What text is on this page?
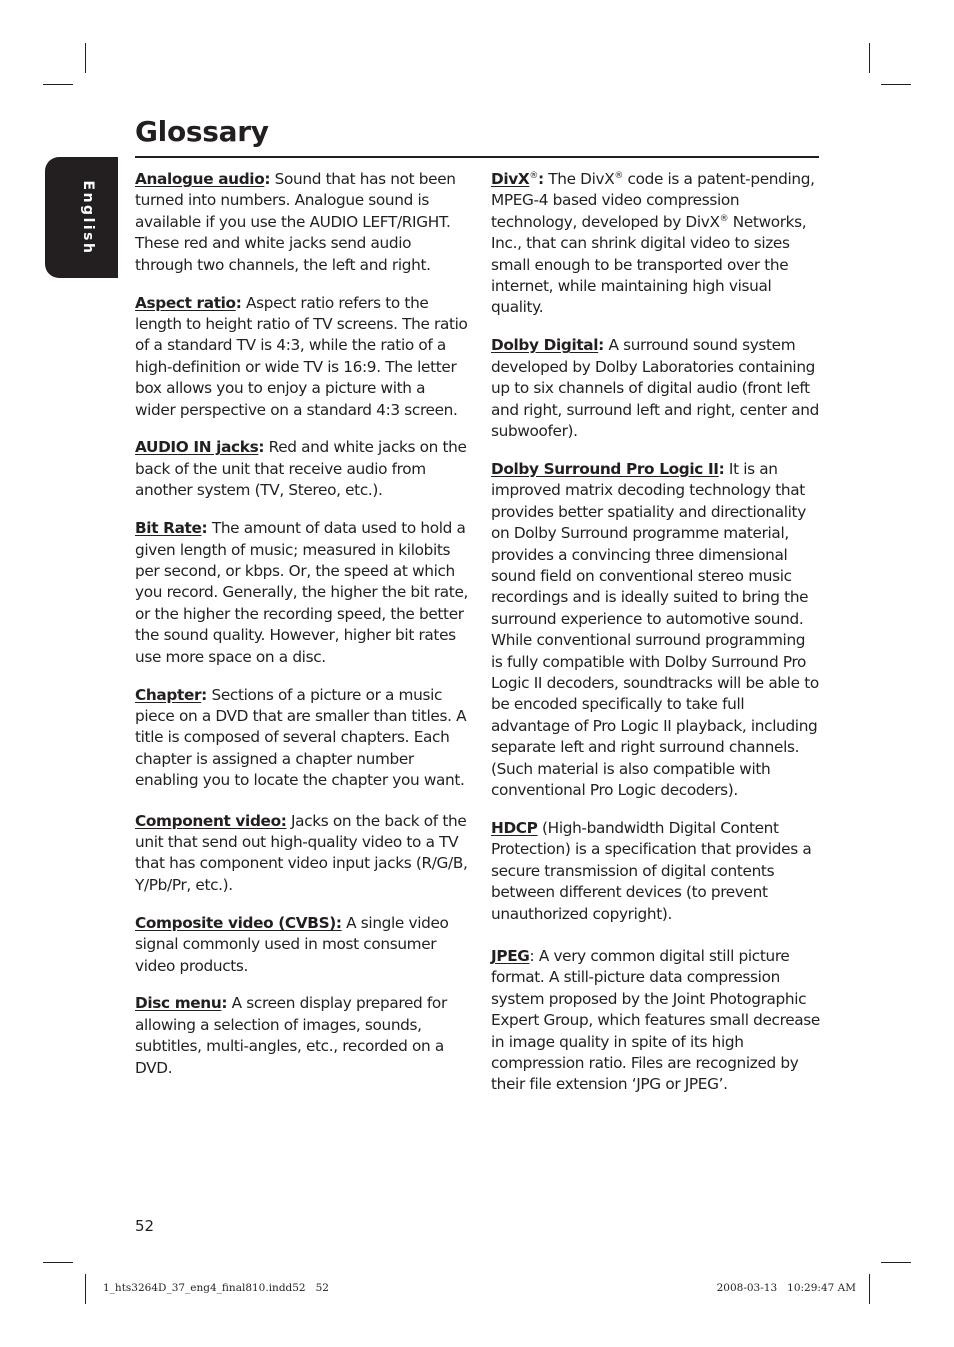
English
Glossary

Analogue audio: Sound that has not been turned into numbers. Analogue sound is available if you use the AUDIO LEFT/RIGHT. These red and white jacks send audio through two channels, the left and right.

Aspect ratio: Aspect ratio refers to the length to height ratio of TV screens. The ratio of a standard TV is 4:3, while the ratio of a high-definition or wide TV is 16:9. The letter box allows you to enjoy a picture with a wider perspective on a standard 4:3 screen.

AUDIO IN jacks: Red and white jacks on the back of the unit that receive audio from another system (TV, Stereo, etc.).

Bit Rate: The amount of data used to hold a given length of music; measured in kilobits per second, or kbps. Or, the speed at which you record. Generally, the higher the bit rate, or the higher the recording speed, the better the sound quality. However, higher bit rates use more space on a disc.

Chapter: Sections of a picture or a music piece on a DVD that are smaller than titles. A title is composed of several chapters. Each chapter is assigned a chapter number enabling you to locate the chapter you want.

Component video: Jacks on the back of the unit that send out high-quality video to a TV that has component video input jacks (R/G/B, Y/Pb/Pr, etc.).

Composite video (CVBS): A single video signal commonly used in most consumer video products.

Disc menu: A screen display prepared for allowing a selection of images, sounds, subtitles, multi-angles, etc., recorded on a DVD.

DivX®: The DivX® code is a patent-pending, MPEG-4 based video compression technology, developed by DivX® Networks, Inc., that can shrink digital video to sizes small enough to be transported over the internet, while maintaining high visual quality.

Dolby Digital: A surround sound system developed by Dolby Laboratories containing up to six channels of digital audio (front left and right, surround left and right, center and subwoofer).

Dolby Surround Pro Logic II: It is an improved matrix decoding technology that provides better spatiality and directionality on Dolby Surround programme material, provides a convincing three dimensional sound field on conventional stereo music recordings and is ideally suited to bring the surround experience to automotive sound. While conventional surround programming is fully compatible with Dolby Surround Pro Logic II decoders, soundtracks will be able to be encoded specifically to take full advantage of Pro Logic II playback, including separate left and right surround channels. (Such material is also compatible with conventional Pro Logic decoders).

HDCP (High-bandwidth Digital Content Protection) is a specification that provides a secure transmission of digital contents between different devices (to prevent unauthorized copyright).

JPEG: A very common digital still picture format. A still-picture data compression system proposed by the Joint Photographic Expert Group, which features small decrease in image quality in spite of its high compression ratio. Files are recognized by their file extension ‘JPG or JPEG’.

52
1_hts3264D_37_eng4_final810.indd52   52	2008-03-13   10:29:47 AM
